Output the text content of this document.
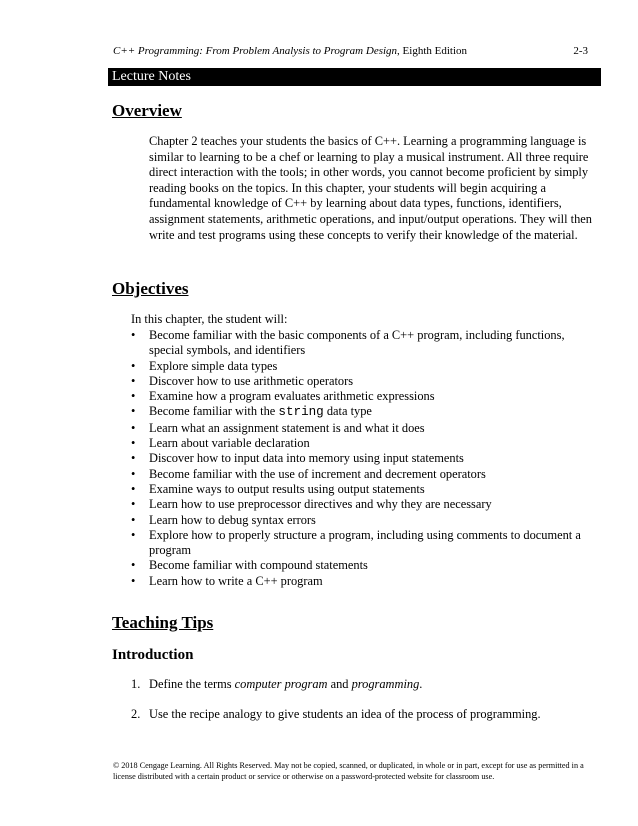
C++ Programming: From Problem Analysis to Program Design, Eighth Edition	2-3
Lecture Notes
Overview

Chapter 2 teaches your students the basics of C++. Learning a programming language is similar to learning to be a chef or learning to play a musical instrument. All three require direct interaction with the tools; in other words, you cannot become proficient by simply reading books on the topics. In this chapter, your students will begin acquiring a fundamental knowledge of C++ by learning about data types, functions, identifiers, assignment statements, arithmetic operations, and input/output operations. They will then write and test programs using these concepts to verify their knowledge of the material.

Objectives
In this chapter, the student will:
• Become familiar with the basic components of a C++ program, including functions, special symbols, and identifiers
• Explore simple data types
• Discover how to use arithmetic operators
• Examine how a program evaluates arithmetic expressions
• Become familiar with the string data type
• Learn what an assignment statement is and what it does
• Learn about variable declaration
• Discover how to input data into memory using input statements
• Become familiar with the use of increment and decrement operators
• Examine ways to output results using output statements
• Learn how to use preprocessor directives and why they are necessary
• Learn how to debug syntax errors
• Explore how to properly structure a program, including using comments to document a program
• Become familiar with compound statements
• Learn how to write a C++ program
Teaching Tips
Introduction
1. Define the terms computer program and programming.
2. Use the recipe analogy to give students an idea of the process of programming.
© 2018 Cengage Learning. All Rights Reserved. May not be copied, scanned, or duplicated, in whole or in part, except for use as permitted in a license distributed with a certain product or service or otherwise on a password-protected website for classroom use.
